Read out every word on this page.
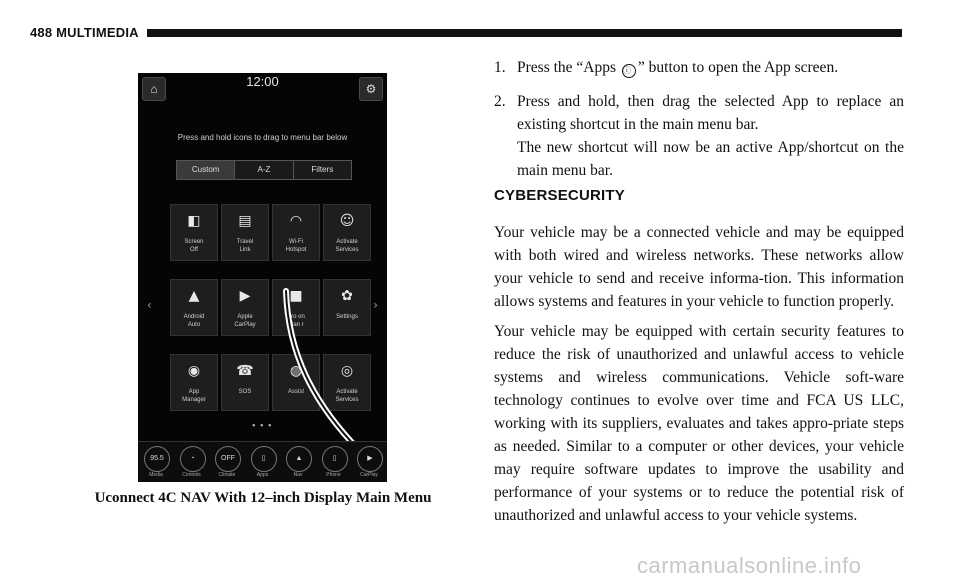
488 MULTIMEDIA
12:00
⌂	⚙
Press and hold icons to drag to menu bar below
Custom	A-Z	Filters
‹	›
◧
Screen
Off
▤
Travel
Link
◠
Wi-Fi
Hotspot
☺
Activate
Services
▲
Android
Auto
▶
Apple
CarPlay
■
Pro on
Man r
✿
Settings
◉
App
Manager
☎
SOS
◍
Assist
◎
Activate
Services
• • •
95.5
Media
◔
Controls
OFF
Climate
▯
Apps
▲
Nav
▯
Phone
▶
CarPlay
Uconnect 4C NAV With 12–inch Display Main Menu
1. Press the “Apps ⓘ ” button to open the App screen.
2. Press and hold, then drag the selected App to replace an existing shortcut in the main menu bar.
The new shortcut will now be an active App/shortcut on the main menu bar.
CYBERSECURITY

Your vehicle may be a connected vehicle and may be equipped with both wired and wireless networks. These networks allow your vehicle to send and receive informa-tion. This information allows systems and features in your vehicle to function properly.

Your vehicle may be equipped with certain security features to reduce the risk of unauthorized and unlawful access to vehicle systems and wireless communications. Vehicle soft-ware technology continues to evolve over time and FCA US LLC, working with its suppliers, evaluates and takes appro-priate steps as needed. Similar to a computer or other devices, your vehicle may require software updates to improve the usability and performance of your systems or to reduce the potential risk of unauthorized and unlawful access to your vehicle systems.

carmanualsonline.info
